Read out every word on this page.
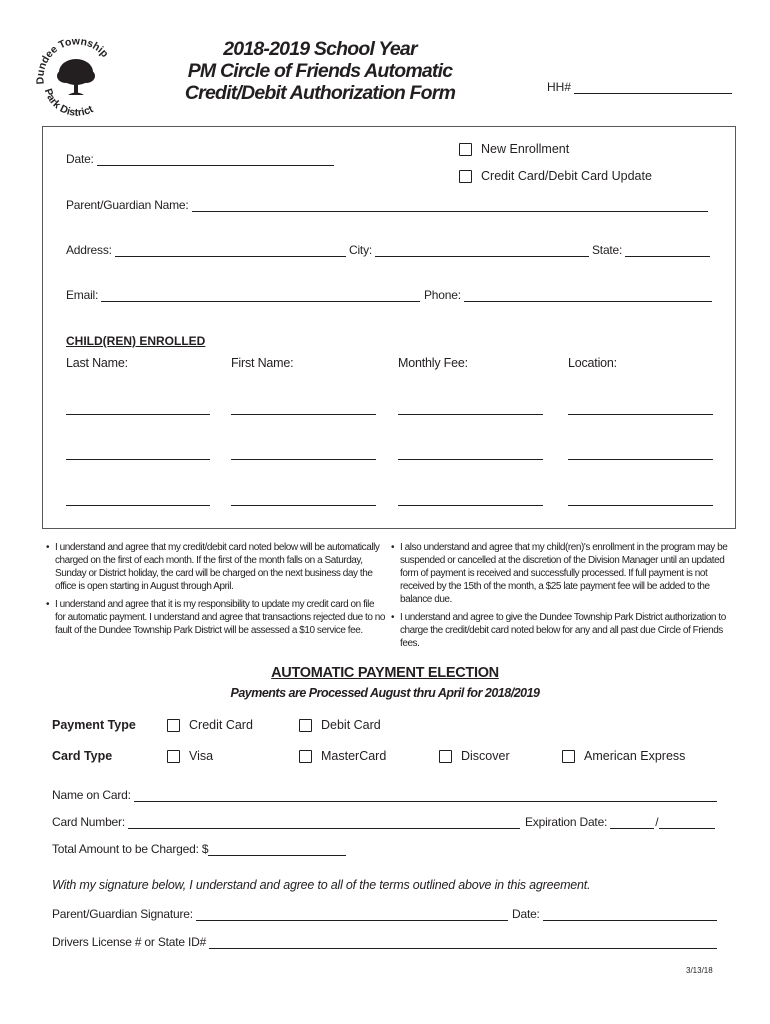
Dundee Township
Park District
2018-2019 School Year
PM Circle of Friends Automatic
Credit/Debit Authorization Form	HH#
Date:
New Enrollment
Credit Card/Debit Card Update
Parent/Guardian Name:
Address:	City:	State:
Email:	Phone:
CHILD(REN) ENROLLED
Last Name:	First Name:	Monthly Fee:	Location:
• I understand and agree that my credit/debit card noted below will be automatically charged on the first of each month. If the first of the month falls on a Saturday, Sunday or District holiday, the card will be charged on the next business day the office is open starting in August through April.
• I understand and agree that it is my responsibility to update my credit card on file for automatic payment. I understand and agree that transactions rejected due to no fault of the Dundee Township Park District will be assessed a $10 service fee.
• I also understand and agree that my child(ren)'s enrollment in the program may be suspended or cancelled at the discretion of the Division Manager until an updated form of payment is received and successfully processed. If full payment is not received by the 15th of the month, a $25 late payment fee will be added to the balance due.
• I understand and agree to give the Dundee Township Park District authorization to charge the credit/debit card noted below for any and all past due Circle of Friends fees.
AUTOMATIC PAYMENT ELECTION
Payments are Processed August thru April for 2018/2019
Payment Type	Credit Card	Debit Card
Card Type	Visa	MasterCard	Discover	American Express
Name on Card:
Card Number:	Expiration Date:	/
Total Amount to be Charged: $
With my signature below, I understand and agree to all of the terms outlined above in this agreement.
Parent/Guardian Signature:	Date:
Drivers License # or State ID#
3/13/18
